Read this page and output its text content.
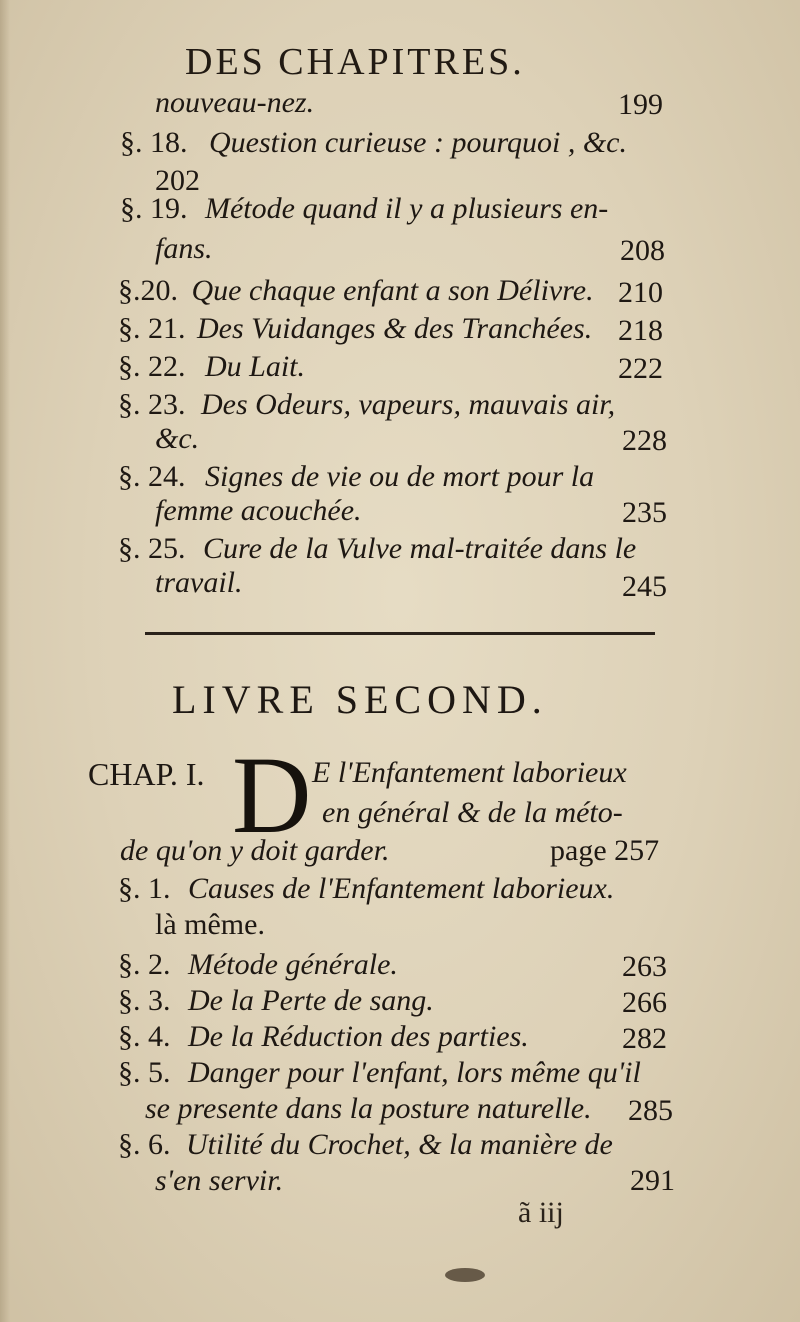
DES CHAPITRES.
nouveau-nez.	199
§. 18. Question curieuse : pourquoi , &c.
202
§. 19. Métode quand il y a plusieurs en-
fans.	208
§.20. Que chaque enfant a son Délivre. 210
§. 21. Des Vuidanges & des Tranchées. 218
§. 22. Du Lait.	222
§. 23. Des Odeurs, vapeurs, mauvais air,
&c.	228
§. 24. Signes de vie ou de mort pour la
femme acouchée.	235
§. 25. Cure de la Vulve mal-traitée dans le
travail.	245
LIVRE SECOND.
CHAP. I. D E l'Enfantement laborieux
en général & de la méto-
de qu'on y doit garder.	page 257
§. 1. Causes de l'Enfantement laborieux.
là même.
§. 2. Métode générale.	263
§. 3. De la Perte de sang.	266
§. 4. De la Réduction des parties.	282
§. 5. Danger pour l'enfant, lors même qu'il
se presente dans la posture naturelle. 285
§. 6. Utilité du Crochet, & la manière de
s'en servir.	291
ã iij
